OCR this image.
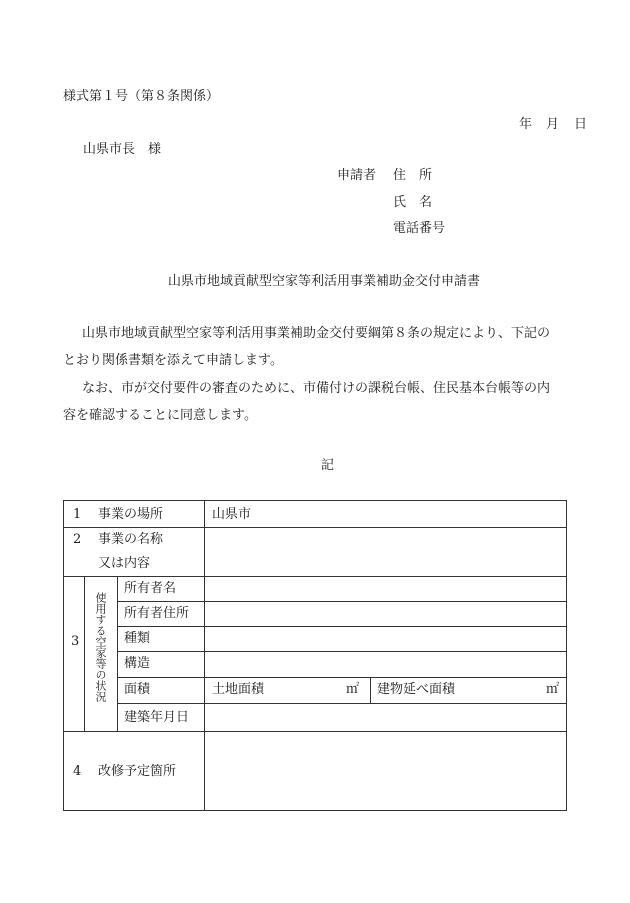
様式第１号（第８条関係）
年 月 日
山県市長　様
申請者 住　所
氏　名
電話番号
山県市地域貢献型空家等利活用事業補助金交付申請書
山県市地域貢献型空家等利活用事業補助金交付要綱第８条の規定により、下記の
とおり関係書類を添えて申請します。
なお、市が交付要件の審査のために、市備付けの課税台帳、住民基本台帳等の内
容を確認することに同意します。
記
1 事業の場所	山県市
2 事業の名称
又は内容
3 使用する空家等の状況
所有者名
所有者住所
種類
構造
面積	土地面積	㎡ 建物延べ面積	㎡
建築年月日
4 改修予定箇所
